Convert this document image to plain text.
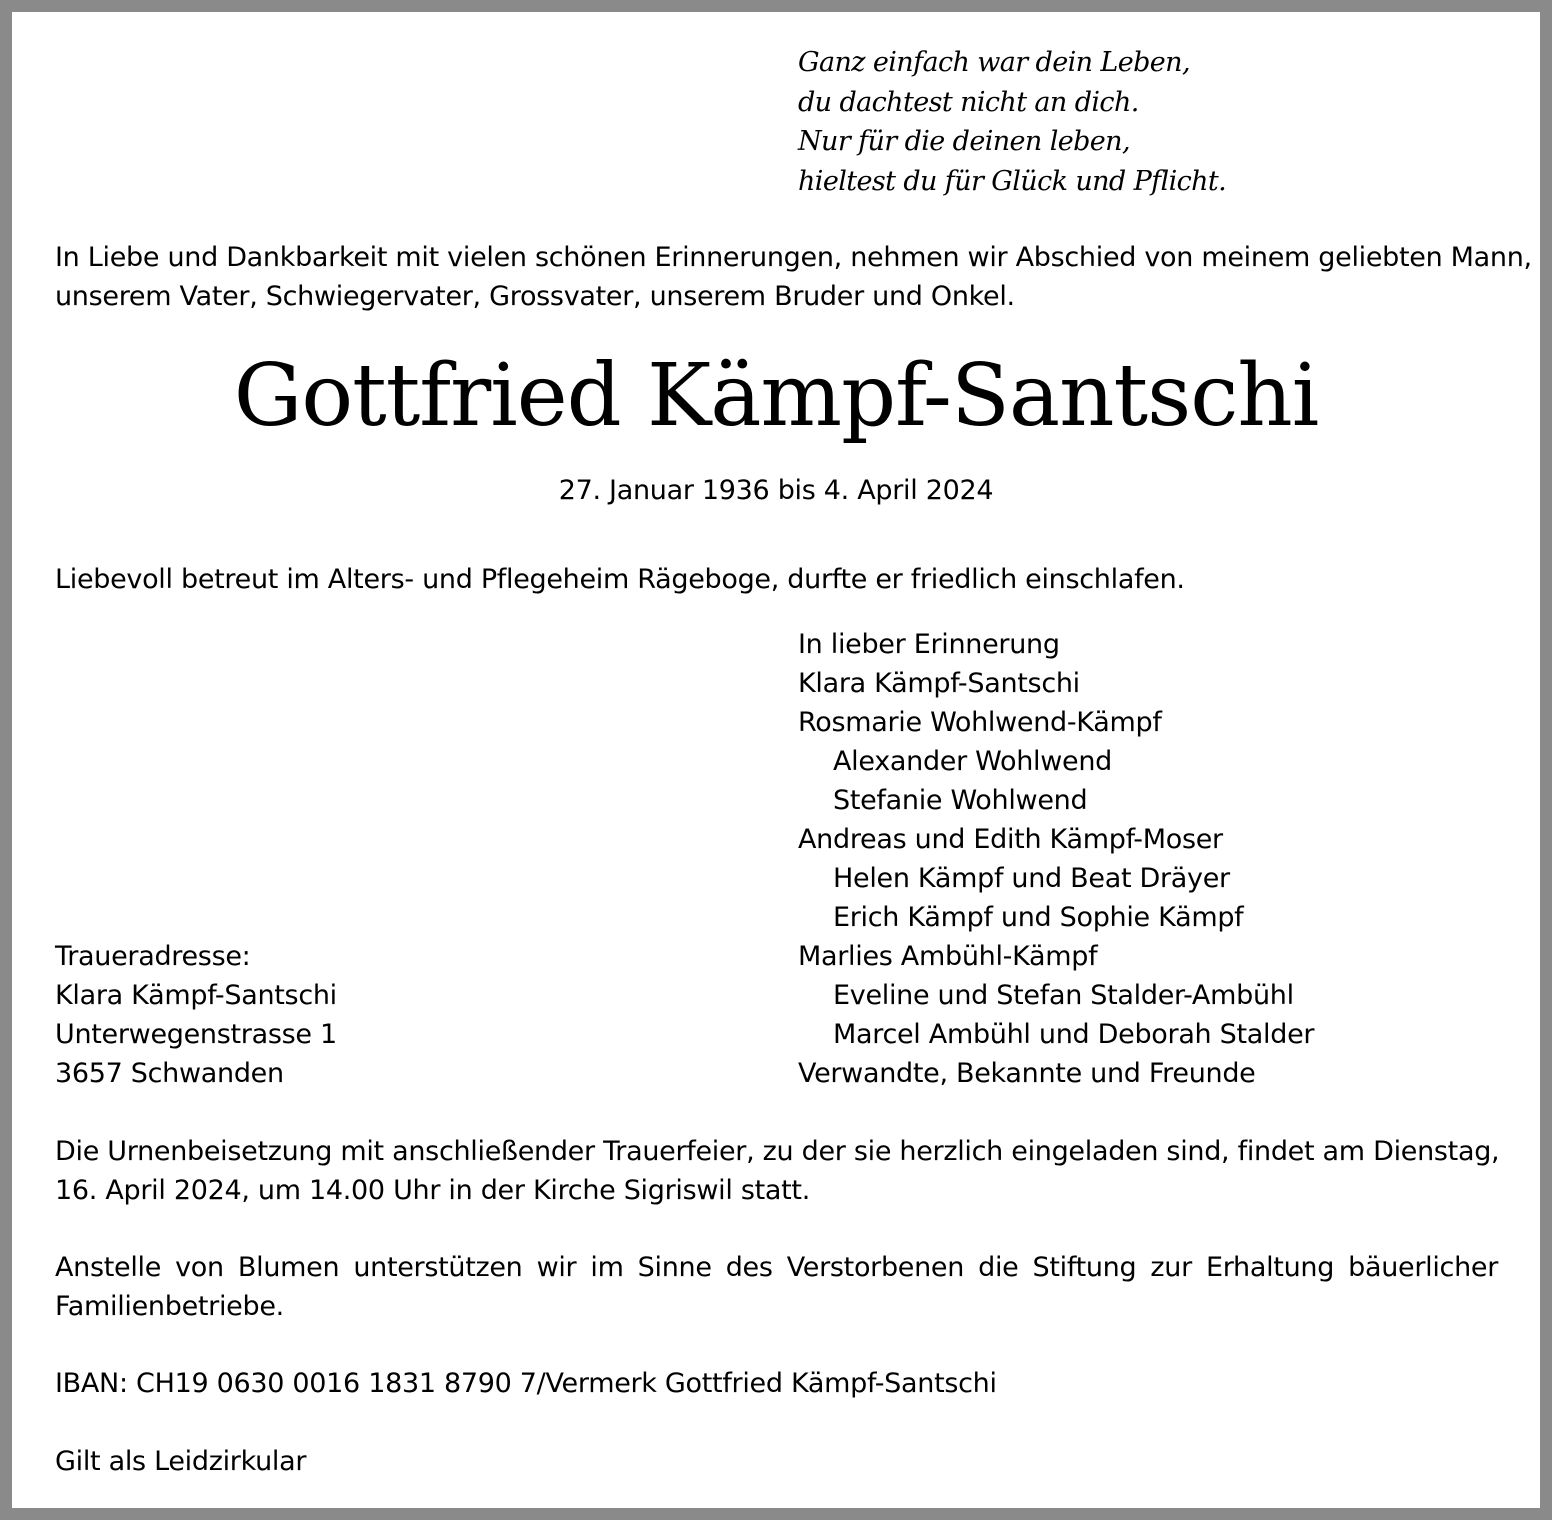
Ganz einfach war dein Leben,
du dachtest nicht an dich.
Nur für die deinen leben,
hieltest du für Glück und Pflicht.
In Liebe und Dankbarkeit mit vielen schönen Erinnerungen, nehmen wir Abschied von meinem geliebten Mann,
unserem Vater, Schwiegervater, Grossvater, unserem Bruder und Onkel.
Gottfried Kämpf-Santschi
27. Januar 1936 bis 4. April 2024
Liebevoll betreut im Alters- und Pflegeheim Rägeboge, durfte er friedlich einschlafen.
In lieber Erinnerung
Klara Kämpf-Santschi
Rosmarie Wohlwend-Kämpf
Alexander Wohlwend
Stefanie Wohlwend
Andreas und Edith Kämpf-Moser
Helen Kämpf und Beat Dräyer
Erich Kämpf und Sophie Kämpf
Marlies Ambühl-Kämpf
Eveline und Stefan Stalder-Ambühl
Marcel Ambühl und Deborah Stalder
Verwandte, Bekannte und Freunde
Traueradresse:
Klara Kämpf-Santschi
Unterwegenstrasse 1
3657 Schwanden
Die Urnenbeisetzung mit anschließender Trauerfeier, zu der sie herzlich eingeladen sind, findet am Dienstag,
16. April 2024, um 14.00 Uhr in der Kirche Sigriswil statt.
Anstelle von Blumen unterstützen wir im Sinne des Verstorbenen die Stiftung zur Erhaltung bäuerlicher
Familienbetriebe.
IBAN: CH19 0630 0016 1831 8790 7/Vermerk Gottfried Kämpf-Santschi
Gilt als Leidzirkular
